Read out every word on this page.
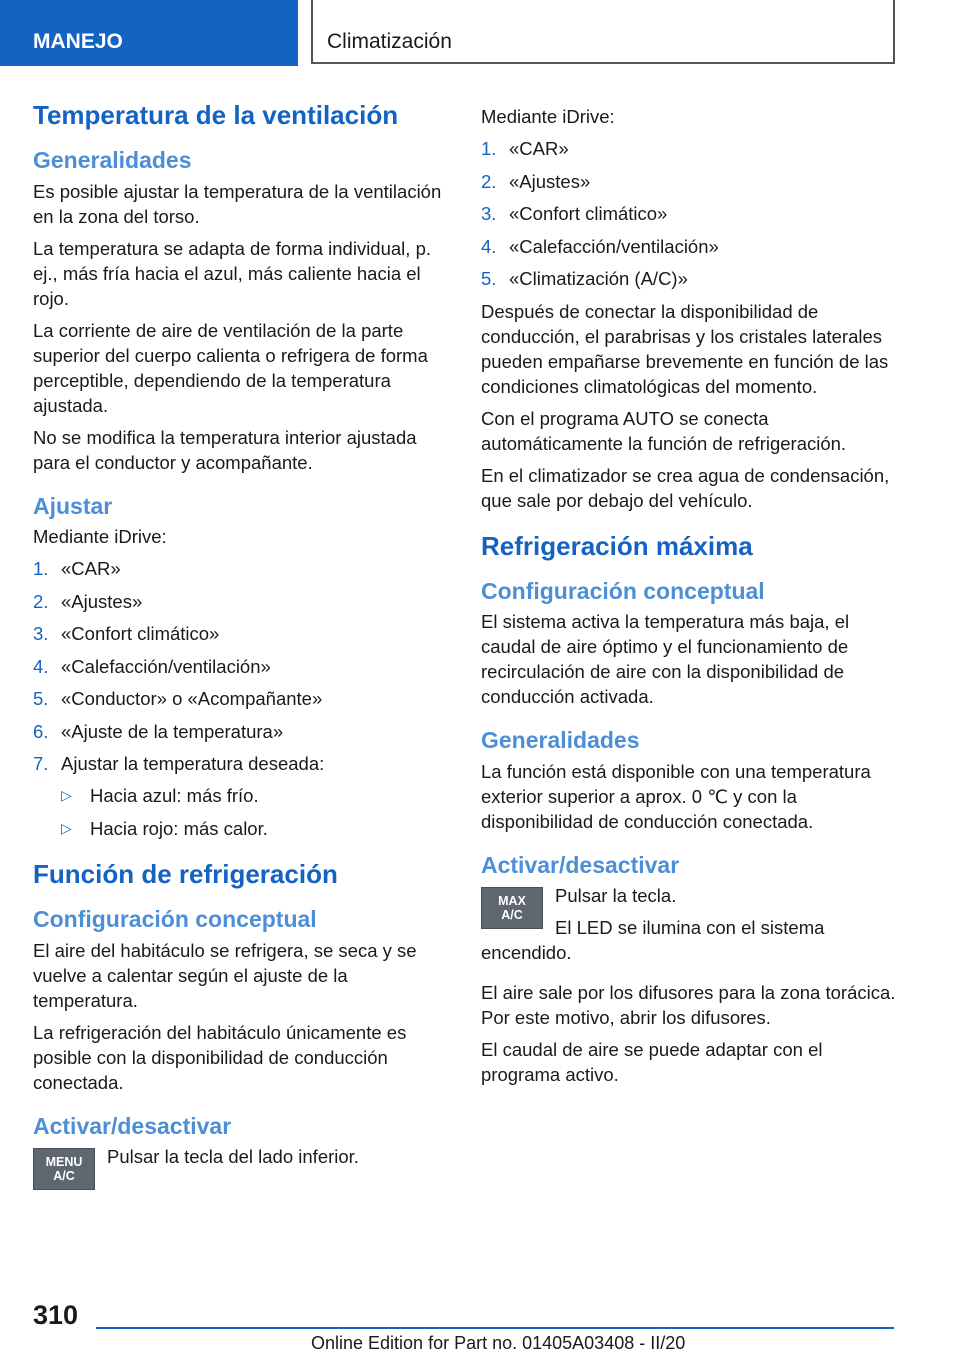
MANEJO	Climatización
Temperatura de la ventilación
Generalidades

Es posible ajustar la temperatura de la ventilación en la zona del torso.

La temperatura se adapta de forma individual, p. ej., más fría hacia el azul, más caliente hacia el rojo.

La corriente de aire de ventilación de la parte superior del cuerpo calienta o refrigera de forma perceptible, dependiendo de la temperatura ajustada.

No se modifica la temperatura interior ajustada para el conductor y acompañante.

Ajustar

Mediante iDrive:

1. «CAR»
2. «Ajustes»
3. «Confort climático»
4. «Calefacción/ventilación»
5. «Conductor» o «Acompañante»
6. «Ajuste de la temperatura»
7. Ajustar la temperatura deseada:
▷ Hacia azul: más frío.
▷ Hacia rojo: más calor.
Función de refrigeración
Configuración conceptual

El aire del habitáculo se refrigera, se seca y se vuelve a calentar según el ajuste de la temperatura.

La refrigeración del habitáculo únicamente es posible con la disponibilidad de conducción conectada.

Activar/desactivar
MENU
A/C

Pulsar la tecla del lado inferior.

Mediante iDrive:

1. «CAR»
2. «Ajustes»
3. «Confort climático»
4. «Calefacción/ventilación»
5. «Climatización (A/C)»

Después de conectar la disponibilidad de conducción, el parabrisas y los cristales laterales pueden empañarse brevemente en función de las condiciones climatológicas del momento.

Con el programa AUTO se conecta automáticamente la función de refrigeración.

En el climatizador se crea agua de condensación, que sale por debajo del vehículo.

Refrigeración máxima
Configuración conceptual

El sistema activa la temperatura más baja, el caudal de aire óptimo y el funcionamiento de recirculación de aire con la disponibilidad de conducción activada.

Generalidades

La función está disponible con una temperatura exterior superior a aprox. 0 ℃ y con la disponibilidad de conducción conectada.

Activar/desactivar
MAX
A/C

Pulsar la tecla.

El LED se ilumina con el sistema encendido.

El aire sale por los difusores para la zona torácica. Por este motivo, abrir los difusores.

El caudal de aire se puede adaptar con el programa activo.

310
Online Edition for Part no. 01405A03408 - II/20
